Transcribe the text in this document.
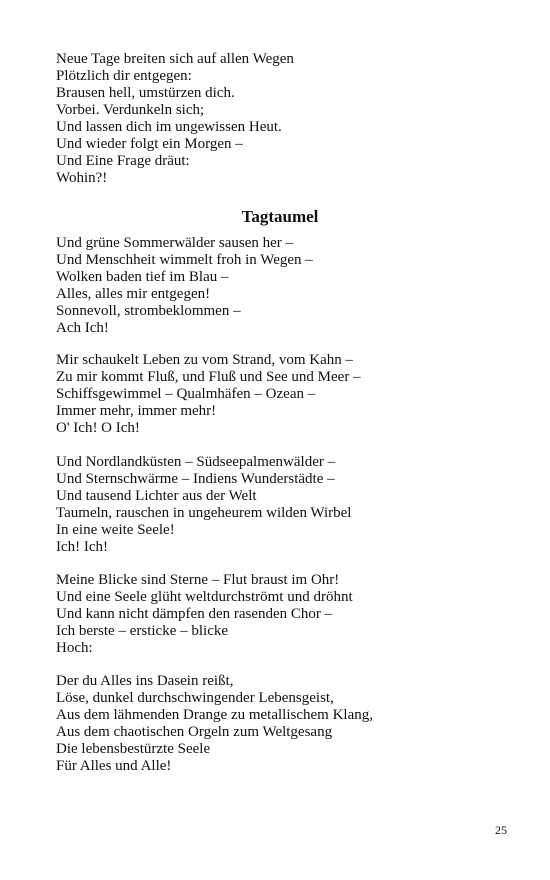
Neue Tage breiten sich auf allen Wegen
Plötzlich dir entgegen:
Brausen hell, umstürzen dich.
Vorbei. Verdunkeln sich;
Und lassen dich im ungewissen Heut.
Und wieder folgt ein Morgen –
Und Eine Frage dräut:
Wohin?!
Tagtaumel
Und grüne Sommerwälder sausen her –
Und Menschheit wimmelt froh in Wegen –
Wolken baden tief im Blau –
Alles, alles mir entgegen!
Sonnevoll, strombeklommen –
Ach Ich!
Mir schaukelt Leben zu vom Strand, vom Kahn –
Zu mir kommt Fluß, und Fluß und See und Meer –
Schiffsgewimmel – Qualmhäfen – Ozean –
Immer mehr, immer mehr!
O' Ich! O Ich!
Und Nordlandküsten – Südseepalmenwälder –
Und Sternschwärme – Indiens Wunderstädte –
Und tausend Lichter aus der Welt
Taumeln, rauschen in ungeheurem wilden Wirbel
In eine weite Seele!
Ich! Ich!
Meine Blicke sind Sterne – Flut braust im Ohr!
Und eine Seele glüht weltdurchströmt und dröhnt
Und kann nicht dämpfen den rasenden Chor –
Ich berste – ersticke – blicke
Hoch:
Der du Alles ins Dasein reißt,
Löse, dunkel durchschwingender Lebensgeist,
Aus dem lähmenden Drange zu metallischem Klang,
Aus dem chaotischen Orgeln zum Weltgesang
Die lebensbestürzte Seele
Für Alles und Alle!
25
